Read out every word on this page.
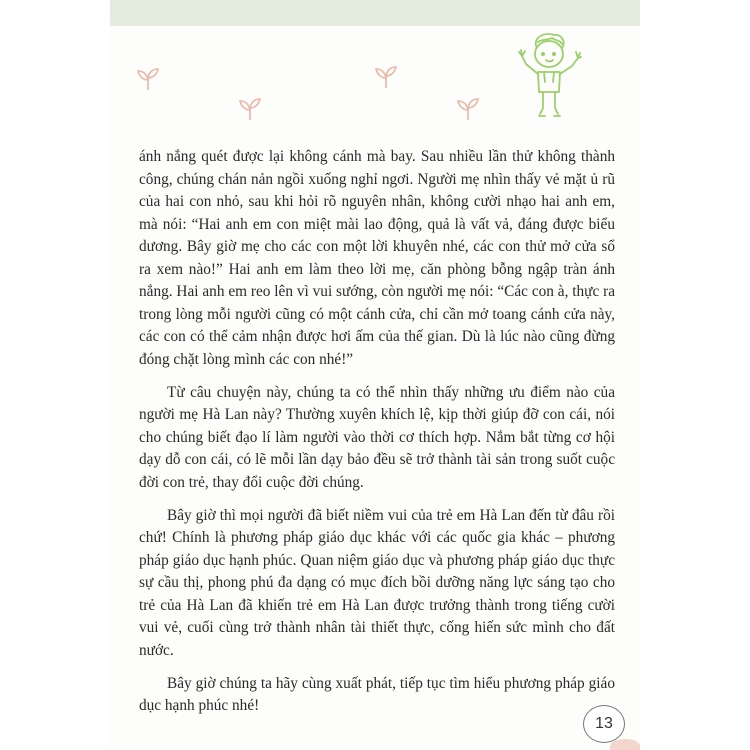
ánh nắng quét được lại không cánh mà bay. Sau nhiều lần thử không thành công, chúng chán nản ngồi xuống nghỉ ngơi. Người mẹ nhìn thấy vẻ mặt ủ rũ của hai con nhỏ, sau khi hỏi rõ nguyên nhân, không cười nhạo hai anh em, mà nói: “Hai anh em con miệt mài lao động, quả là vất vả, đáng được biểu dương. Bây giờ mẹ cho các con một lời khuyên nhé, các con thử mở cửa sổ ra xem nào!” Hai anh em làm theo lời mẹ, căn phòng bỗng ngập tràn ánh nắng. Hai anh em reo lên vì vui sướng, còn người mẹ nói: “Các con à, thực ra trong lòng mỗi người cũng có một cánh cửa, chỉ cần mở toang cánh cửa này, các con có thể cảm nhận được hơi ấm của thế gian. Dù là lúc nào cũng đừng đóng chặt lòng mình các con nhé!”

Từ câu chuyện này, chúng ta có thể nhìn thấy những ưu điểm nào của người mẹ Hà Lan này? Thường xuyên khích lệ, kịp thời giúp đỡ con cái, nói cho chúng biết đạo lí làm người vào thời cơ thích hợp. Nắm bắt từng cơ hội dạy dỗ con cái, có lẽ mỗi lần dạy bảo đều sẽ trở thành tài sản trong suốt cuộc đời con trẻ, thay đổi cuộc đời chúng.

Bây giờ thì mọi người đã biết niềm vui của trẻ em Hà Lan đến từ đâu rồi chứ! Chính là phương pháp giáo dục khác với các quốc gia khác – phương pháp giáo dục hạnh phúc. Quan niệm giáo dục và phương pháp giáo dục thực sự cầu thị, phong phú đa dạng có mục đích bồi dưỡng năng lực sáng tạo cho trẻ của Hà Lan đã khiến trẻ em Hà Lan được trưởng thành trong tiếng cười vui vẻ, cuối cùng trở thành nhân tài thiết thực, cống hiến sức mình cho đất nước.

Bây giờ chúng ta hãy cùng xuất phát, tiếp tục tìm hiểu phương pháp giáo dục hạnh phúc nhé!

13
